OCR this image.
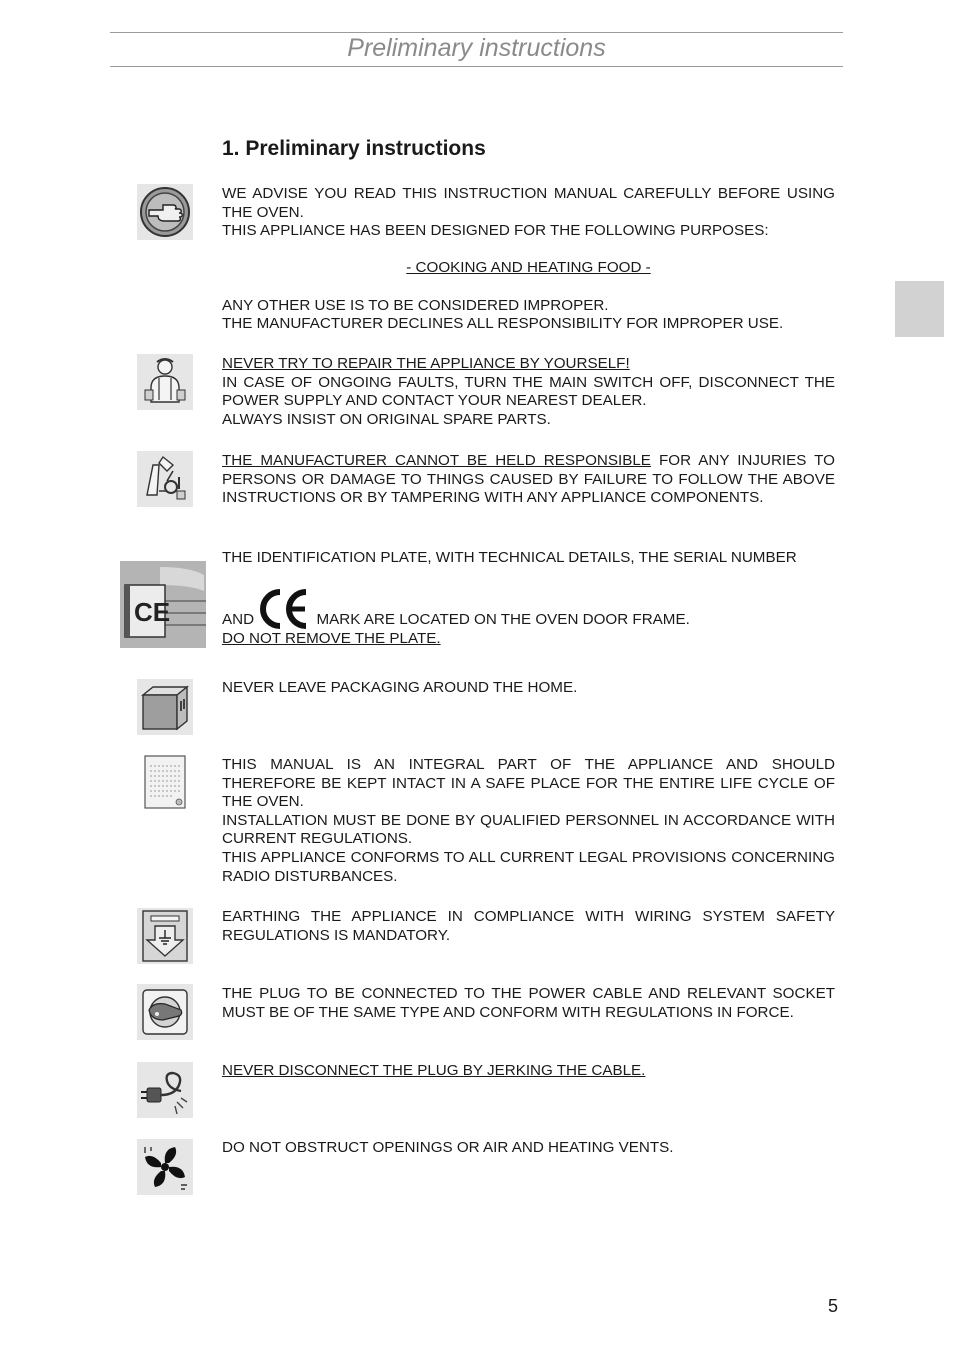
Preliminary instructions
1. Preliminary instructions

WE ADVISE YOU READ THIS INSTRUCTION MANUAL CAREFULLY BEFORE USING THE OVEN.

THIS APPLIANCE HAS BEEN DESIGNED FOR THE FOLLOWING PURPOSES:

- COOKING AND HEATING FOOD -

ANY OTHER USE IS TO BE CONSIDERED IMPROPER.

THE MANUFACTURER DECLINES ALL RESPONSIBILITY FOR IMPROPER USE.

NEVER TRY TO REPAIR THE APPLIANCE BY YOURSELF!

IN CASE OF ONGOING FAULTS, TURN THE MAIN SWITCH OFF, DISCONNECT THE POWER SUPPLY AND CONTACT YOUR NEAREST DEALER.

ALWAYS INSIST ON ORIGINAL SPARE PARTS.

THE MANUFACTURER CANNOT BE HELD RESPONSIBLE FOR ANY INJURIES TO PERSONS OR DAMAGE TO THINGS CAUSED BY FAILURE TO FOLLOW THE ABOVE INSTRUCTIONS OR BY TAMPERING WITH ANY APPLIANCE COMPONENTS.

CE

THE IDENTIFICATION PLATE, WITH TECHNICAL DETAILS, THE SERIAL NUMBER

AND	MARK ARE LOCATED ON THE OVEN DOOR FRAME.

DO NOT REMOVE THE PLATE.

NEVER LEAVE PACKAGING AROUND THE HOME.

THIS MANUAL IS AN INTEGRAL PART OF THE APPLIANCE AND SHOULD THEREFORE BE KEPT INTACT IN A SAFE PLACE FOR THE ENTIRE LIFE CYCLE OF THE OVEN.

INSTALLATION MUST BE DONE BY QUALIFIED PERSONNEL IN ACCORDANCE WITH CURRENT REGULATIONS.

THIS APPLIANCE CONFORMS TO ALL CURRENT LEGAL PROVISIONS CONCERNING RADIO DISTURBANCES.

EARTHING THE APPLIANCE IN COMPLIANCE WITH WIRING SYSTEM SAFETY REGULATIONS IS MANDATORY.

THE PLUG TO BE CONNECTED TO THE POWER CABLE AND RELEVANT SOCKET MUST BE OF THE SAME TYPE AND CONFORM WITH REGULATIONS IN FORCE.

NEVER DISCONNECT THE PLUG BY JERKING THE CABLE.

DO NOT OBSTRUCT OPENINGS OR AIR AND HEATING VENTS.

5
